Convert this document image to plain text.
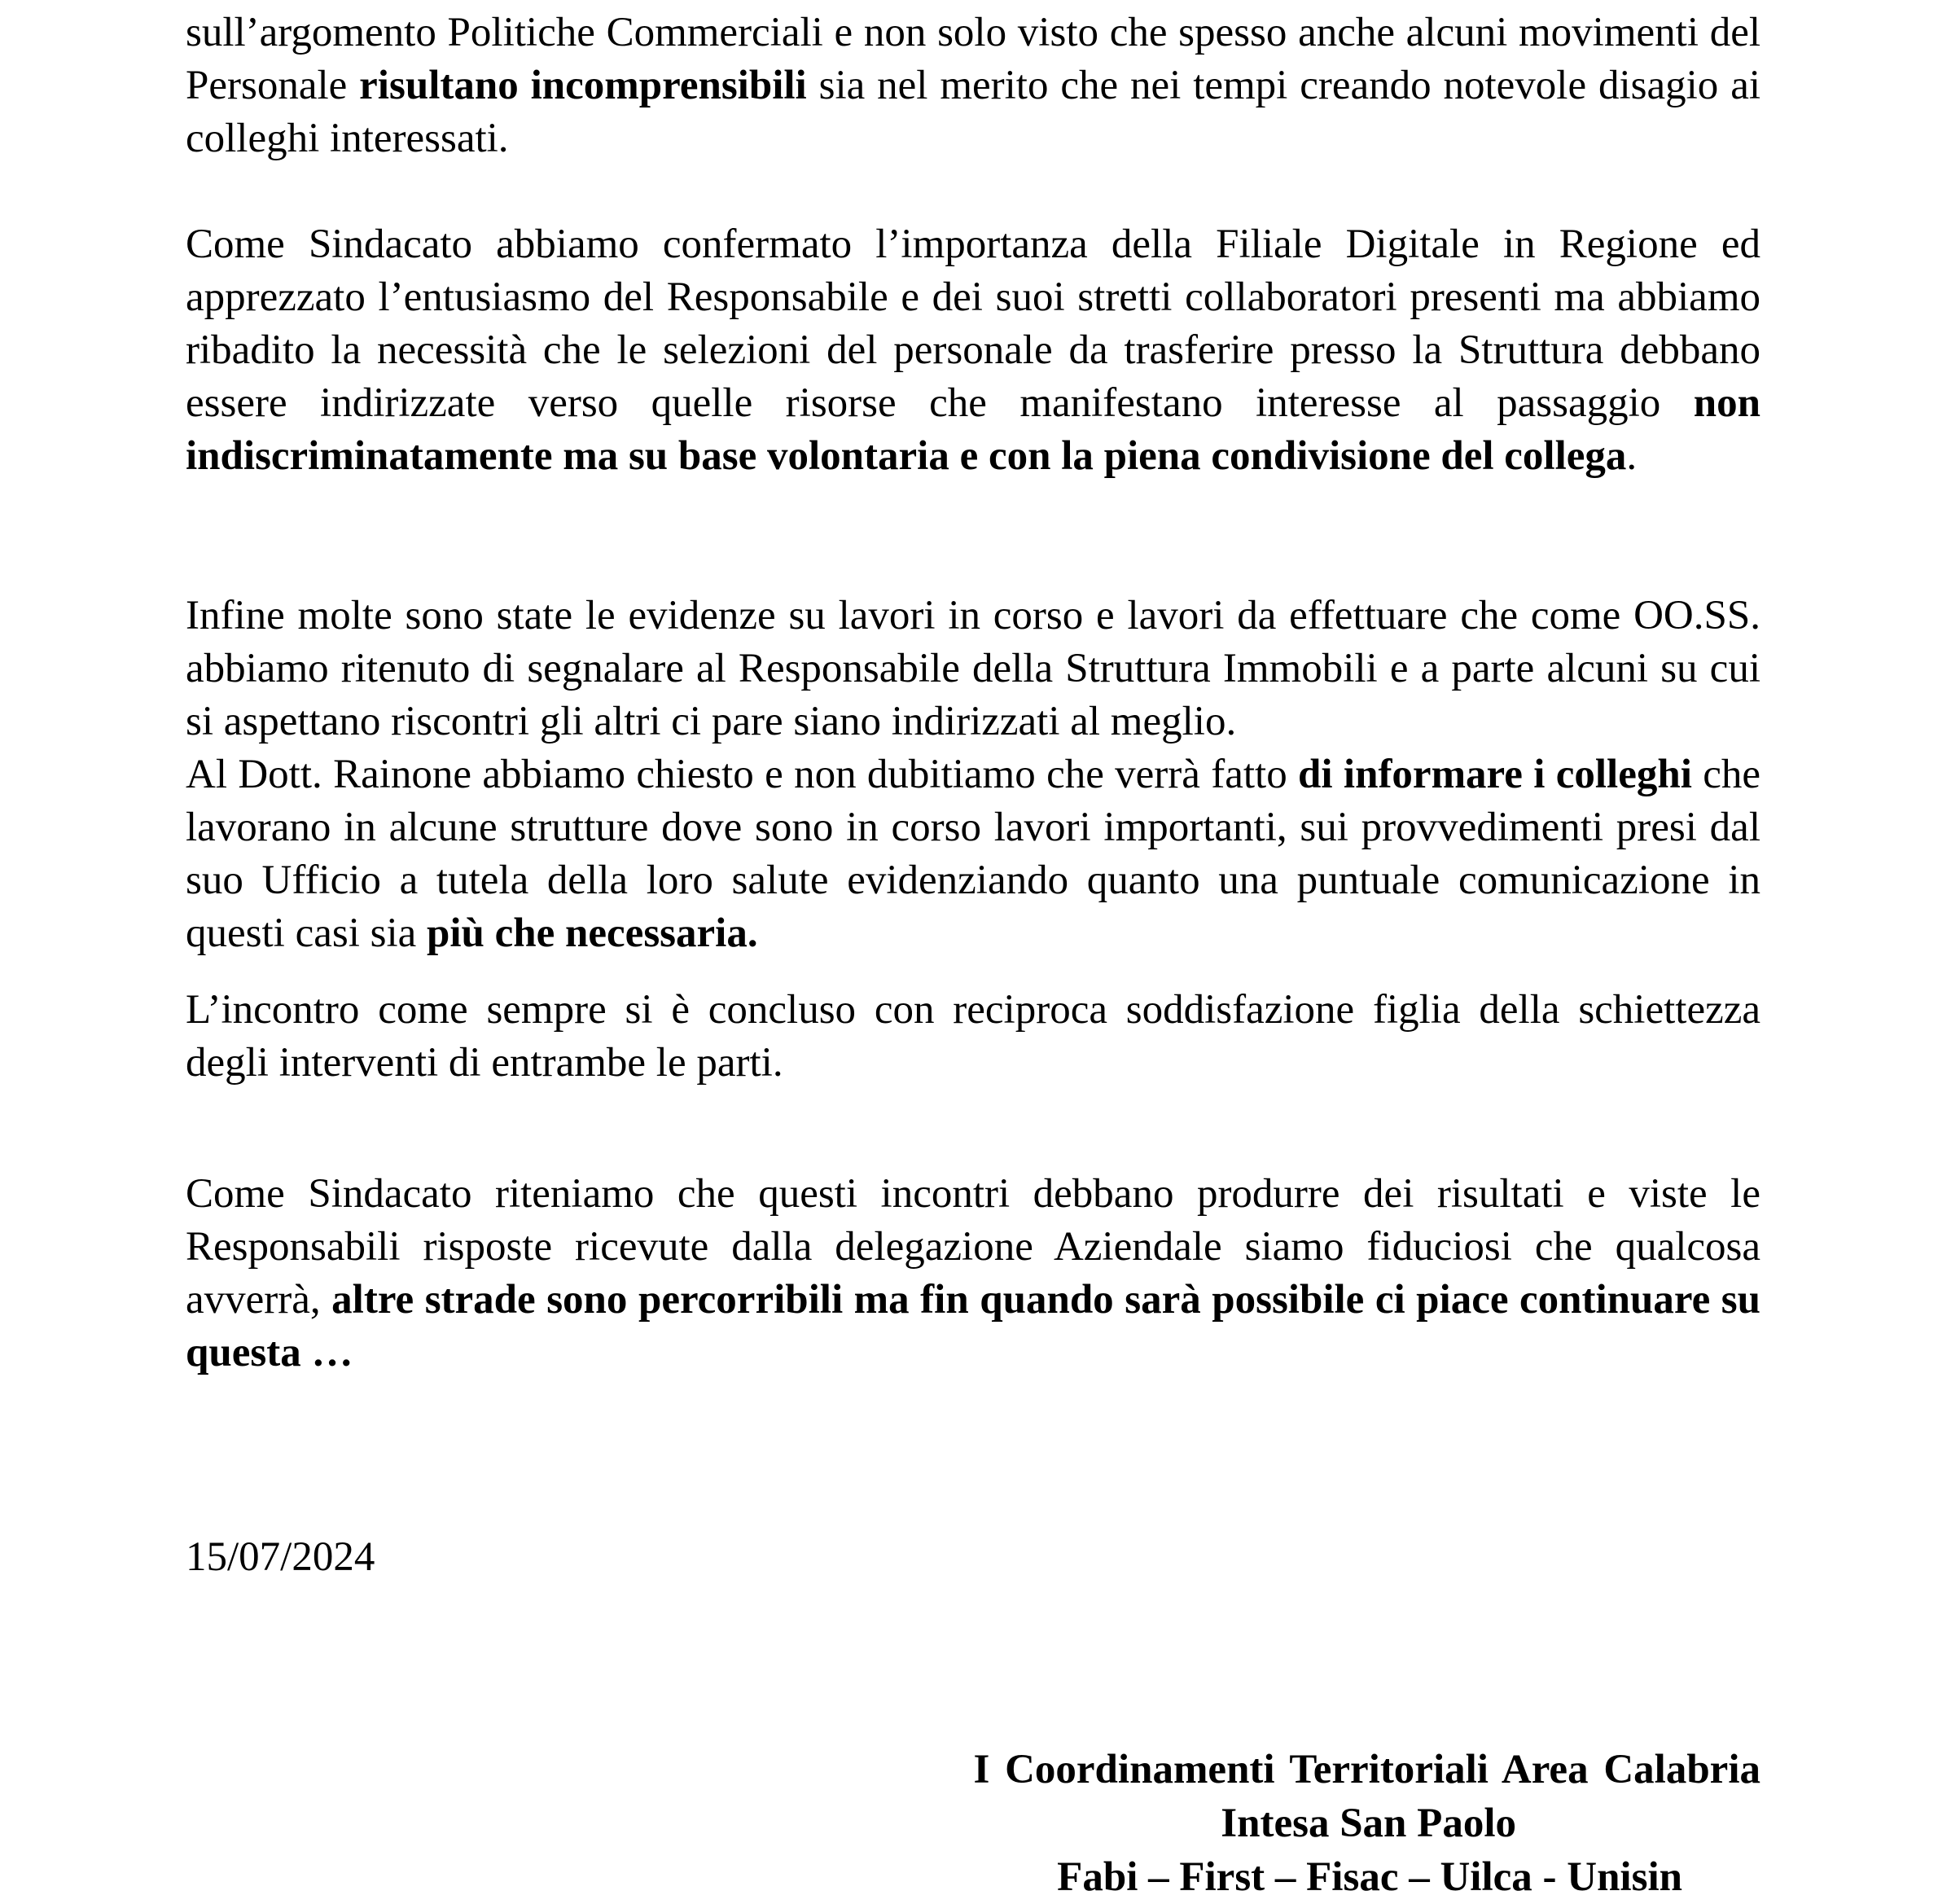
sull’argomento Politiche Commerciali e non solo visto che spesso anche alcuni movimenti del Personale risultano incomprensibili sia nel merito che nei tempi creando notevole disagio ai colleghi interessati.

Come Sindacato abbiamo confermato l’importanza della Filiale Digitale in Regione ed apprezzato l’entusiasmo del Responsabile e dei suoi stretti collaboratori presenti ma abbiamo ribadito la necessità che le selezioni del personale da trasferire presso la Struttura debbano essere indirizzate verso quelle risorse che manifestano interesse al passaggio non indiscriminatamente ma su base volontaria e con la piena condivisione del collega.

Infine molte sono state le evidenze su lavori in corso e lavori da effettuare che come OO.SS. abbiamo ritenuto di segnalare al Responsabile della Struttura Immobili e a parte alcuni su cui si aspettano riscontri gli altri ci pare siano indirizzati al meglio.
Al Dott. Rainone abbiamo chiesto e non dubitiamo che verrà fatto di informare i colleghi che lavorano in alcune strutture dove sono in corso lavori importanti, sui provvedimenti presi dal suo Ufficio a tutela della loro salute evidenziando quanto una puntuale comunicazione in questi casi sia più che necessaria.

L’incontro come sempre si è concluso con reciproca soddisfazione figlia della schiettezza degli interventi di entrambe le parti.

Come Sindacato riteniamo che questi incontri debbano produrre dei risultati e viste le Responsabili risposte ricevute dalla delegazione Aziendale siamo fiduciosi che qualcosa avverrà, altre strade sono percorribili ma fin quando sarà possibile ci piace continuare su questa …

15/07/2024
I Coordinamenti Territoriali Area Calabria
Intesa San Paolo
Fabi – First – Fisac – Uilca - Unisin
